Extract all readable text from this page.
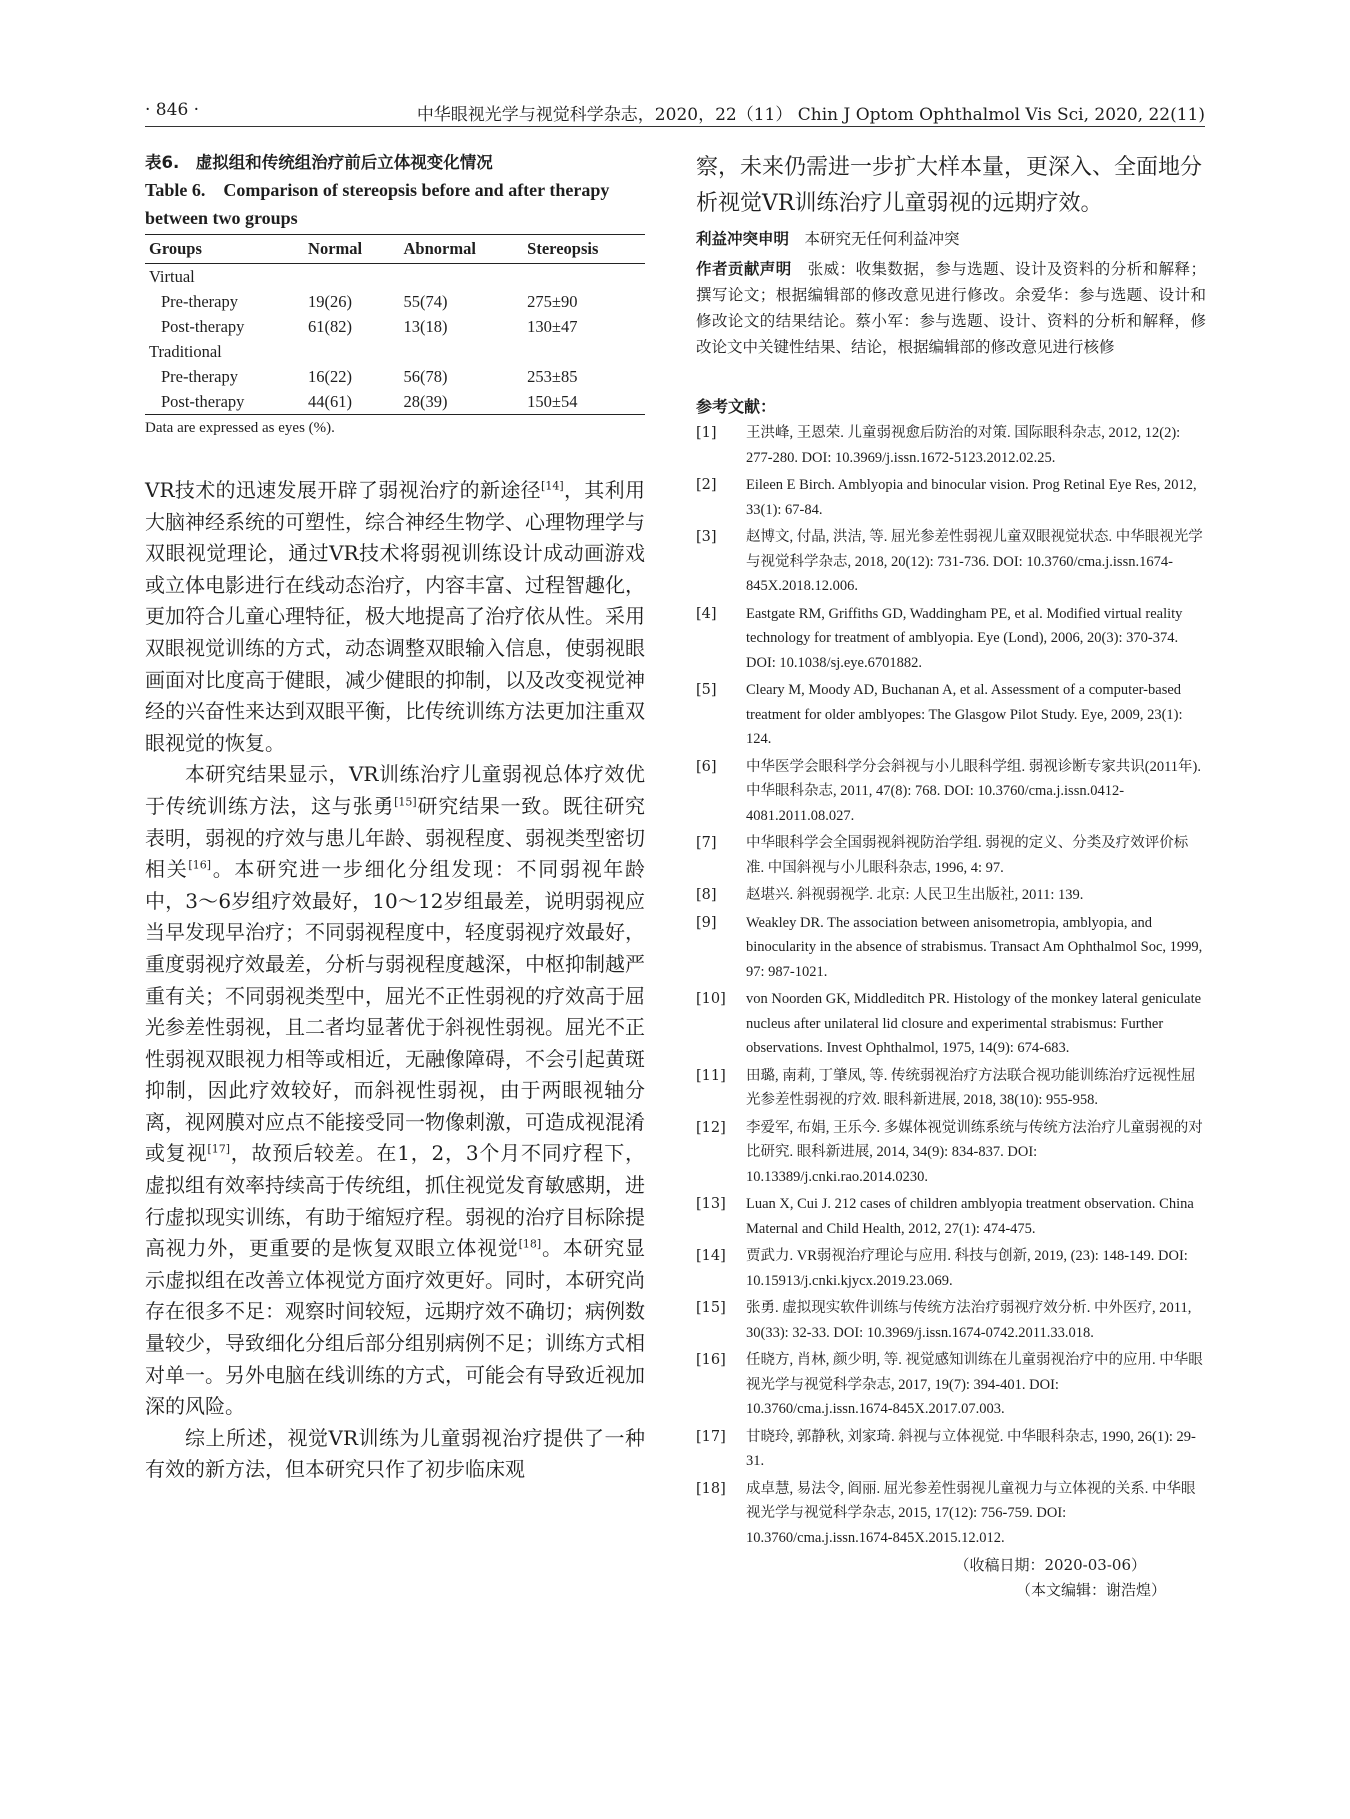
· 846 ·	中华眼视光学与视觉科学杂志，2020，22（11） Chin J Optom Ophthalmol Vis Sci, 2020, 22(11)
表6.　虚拟组和传统组治疗前后立体视变化情况
Table 6.　Comparison of stereopsis before and after therapy between two groups
Groups	Normal	Abnormal	Stereopsis
Virtual			
Pre-therapy	19(26)	55(74)	275±90
Post-therapy	61(82)	13(18)	130±47
Traditional			
Pre-therapy	16(22)	56(78)	253±85
Post-therapy	44(61)	28(39)	150±54
Data are expressed as eyes (%).

VR技术的迅速发展开辟了弱视治疗的新途径[14]，其利用大脑神经系统的可塑性，综合神经生物学、心理物理学与双眼视觉理论，通过VR技术将弱视训练设计成动画游戏或立体电影进行在线动态治疗，内容丰富、过程智趣化，更加符合儿童心理特征，极大地提高了治疗依从性。采用双眼视觉训练的方式，动态调整双眼输入信息，使弱视眼画面对比度高于健眼，减少健眼的抑制，以及改变视觉神经的兴奋性来达到双眼平衡，比传统训练方法更加注重双眼视觉的恢复。

本研究结果显示，VR训练治疗儿童弱视总体疗效优于传统训练方法，这与张勇[15]研究结果一致。既往研究表明，弱视的疗效与患儿年龄、弱视程度、弱视类型密切相关[16]。本研究进一步细化分组发现：不同弱视年龄中，3～6岁组疗效最好，10～12岁组最差，说明弱视应当早发现早治疗；不同弱视程度中，轻度弱视疗效最好，重度弱视疗效最差，分析与弱视程度越深，中枢抑制越严重有关；不同弱视类型中，屈光不正性弱视的疗效高于屈光参差性弱视，且二者均显著优于斜视性弱视。屈光不正性弱视双眼视力相等或相近，无融像障碍，不会引起黄斑抑制，因此疗效较好，而斜视性弱视，由于两眼视轴分离，视网膜对应点不能接受同一物像刺激，可造成视混淆或复视[17]，故预后较差。在1，2，3个月不同疗程下，虚拟组有效率持续高于传统组，抓住视觉发育敏感期，进行虚拟现实训练，有助于缩短疗程。弱视的治疗目标除提高视力外，更重要的是恢复双眼立体视觉[18]。本研究显示虚拟组在改善立体视觉方面疗效更好。同时，本研究尚存在很多不足：观察时间较短，远期疗效不确切；病例数量较少，导致细化分组后部分组别病例不足；训练方式相对单一。另外电脑在线训练的方式，可能会有导致近视加深的风险。

综上所述，视觉VR训练为儿童弱视治疗提供了一种有效的新方法，但本研究只作了初步临床观

察，未来仍需进一步扩大样本量，更深入、全面地分析视觉VR训练治疗儿童弱视的远期疗效。

利益冲突申明　本研究无任何利益冲突

作者贡献声明　张威：收集数据，参与选题、设计及资料的分析和解释；撰写论文；根据编辑部的修改意见进行修改。余爱华：参与选题、设计和修改论文的结果结论。蔡小军：参与选题、设计、资料的分析和解释，修改论文中关键性结果、结论，根据编辑部的修改意见进行核修

参考文献：
[1]	王洪峰, 王恩荣. 儿童弱视愈后防治的对策. 国际眼科杂志, 2012, 12(2): 277-280. DOI: 10.3969/j.issn.1672-5123.2012.02.25.
[2]	Eileen E Birch. Amblyopia and binocular vision. Prog Retinal Eye Res, 2012, 33(1): 67-84.
[3]	赵博文, 付晶, 洪洁, 等. 屈光参差性弱视儿童双眼视觉状态. 中华眼视光学与视觉科学杂志, 2018, 20(12): 731-736. DOI: 10.3760/cma.j.issn.1674-845X.2018.12.006.
[4]	Eastgate RM, Griffiths GD, Waddingham PE, et al. Modified virtual reality technology for treatment of amblyopia. Eye (Lond), 2006, 20(3): 370-374. DOI: 10.1038/sj.eye.6701882.
[5]	Cleary M, Moody AD, Buchanan A, et al. Assessment of a computer-based treatment for older amblyopes: The Glasgow Pilot Study. Eye, 2009, 23(1): 124.
[6]	中华医学会眼科学分会斜视与小儿眼科学组. 弱视诊断专家共识(2011年). 中华眼科杂志, 2011, 47(8): 768. DOI: 10.3760/cma.j.issn.0412-4081.2011.08.027.
[7]	中华眼科学会全国弱视斜视防治学组. 弱视的定义、分类及疗效评价标准. 中国斜视与小儿眼科杂志, 1996, 4: 97.
[8]	赵堪兴. 斜视弱视学. 北京: 人民卫生出版社, 2011: 139.
[9]	Weakley DR. The association between anisometropia, amblyopia, and binocularity in the absence of strabismus. Transact Am Ophthalmol Soc, 1999, 97: 987-1021.
[10]	von Noorden GK, Middleditch PR. Histology of the monkey lateral geniculate nucleus after unilateral lid closure and experimental strabismus: Further observations. Invest Ophthalmol, 1975, 14(9): 674-683.
[11]	田璐, 南莉, 丁肇凤, 等. 传统弱视治疗方法联合视功能训练治疗远视性屈光参差性弱视的疗效. 眼科新进展, 2018, 38(10): 955-958.
[12]	李爱军, 布娟, 王乐今. 多媒体视觉训练系统与传统方法治疗儿童弱视的对比研究. 眼科新进展, 2014, 34(9): 834-837. DOI: 10.13389/j.cnki.rao.2014.0230.
[13]	Luan X, Cui J. 212 cases of children amblyopia treatment observation. China Maternal and Child Health, 2012, 27(1): 474-475.
[14]	贾武力. VR弱视治疗理论与应用. 科技与创新, 2019, (23): 148-149. DOI: 10.15913/j.cnki.kjycx.2019.23.069.
[15]	张勇. 虚拟现实软件训练与传统方法治疗弱视疗效分析. 中外医疗, 2011, 30(33): 32-33. DOI: 10.3969/j.issn.1674-0742.2011.33.018.
[16]	任晓方, 肖林, 颜少明, 等. 视觉感知训练在儿童弱视治疗中的应用. 中华眼视光学与视觉科学杂志, 2017, 19(7): 394-401. DOI: 10.3760/cma.j.issn.1674-845X.2017.07.003.
[17]	甘晓玲, 郭静秋, 刘家琦. 斜视与立体视觉. 中华眼科杂志, 1990, 26(1): 29-31.
[18]	成卓慧, 易法令, 阎丽. 屈光参差性弱视儿童视力与立体视的关系. 中华眼视光学与视觉科学杂志, 2015, 17(12): 756-759. DOI: 10.3760/cma.j.issn.1674-845X.2015.12.012.
（收稿日期：2020-03-06）
（本文编辑：谢浩煌）
